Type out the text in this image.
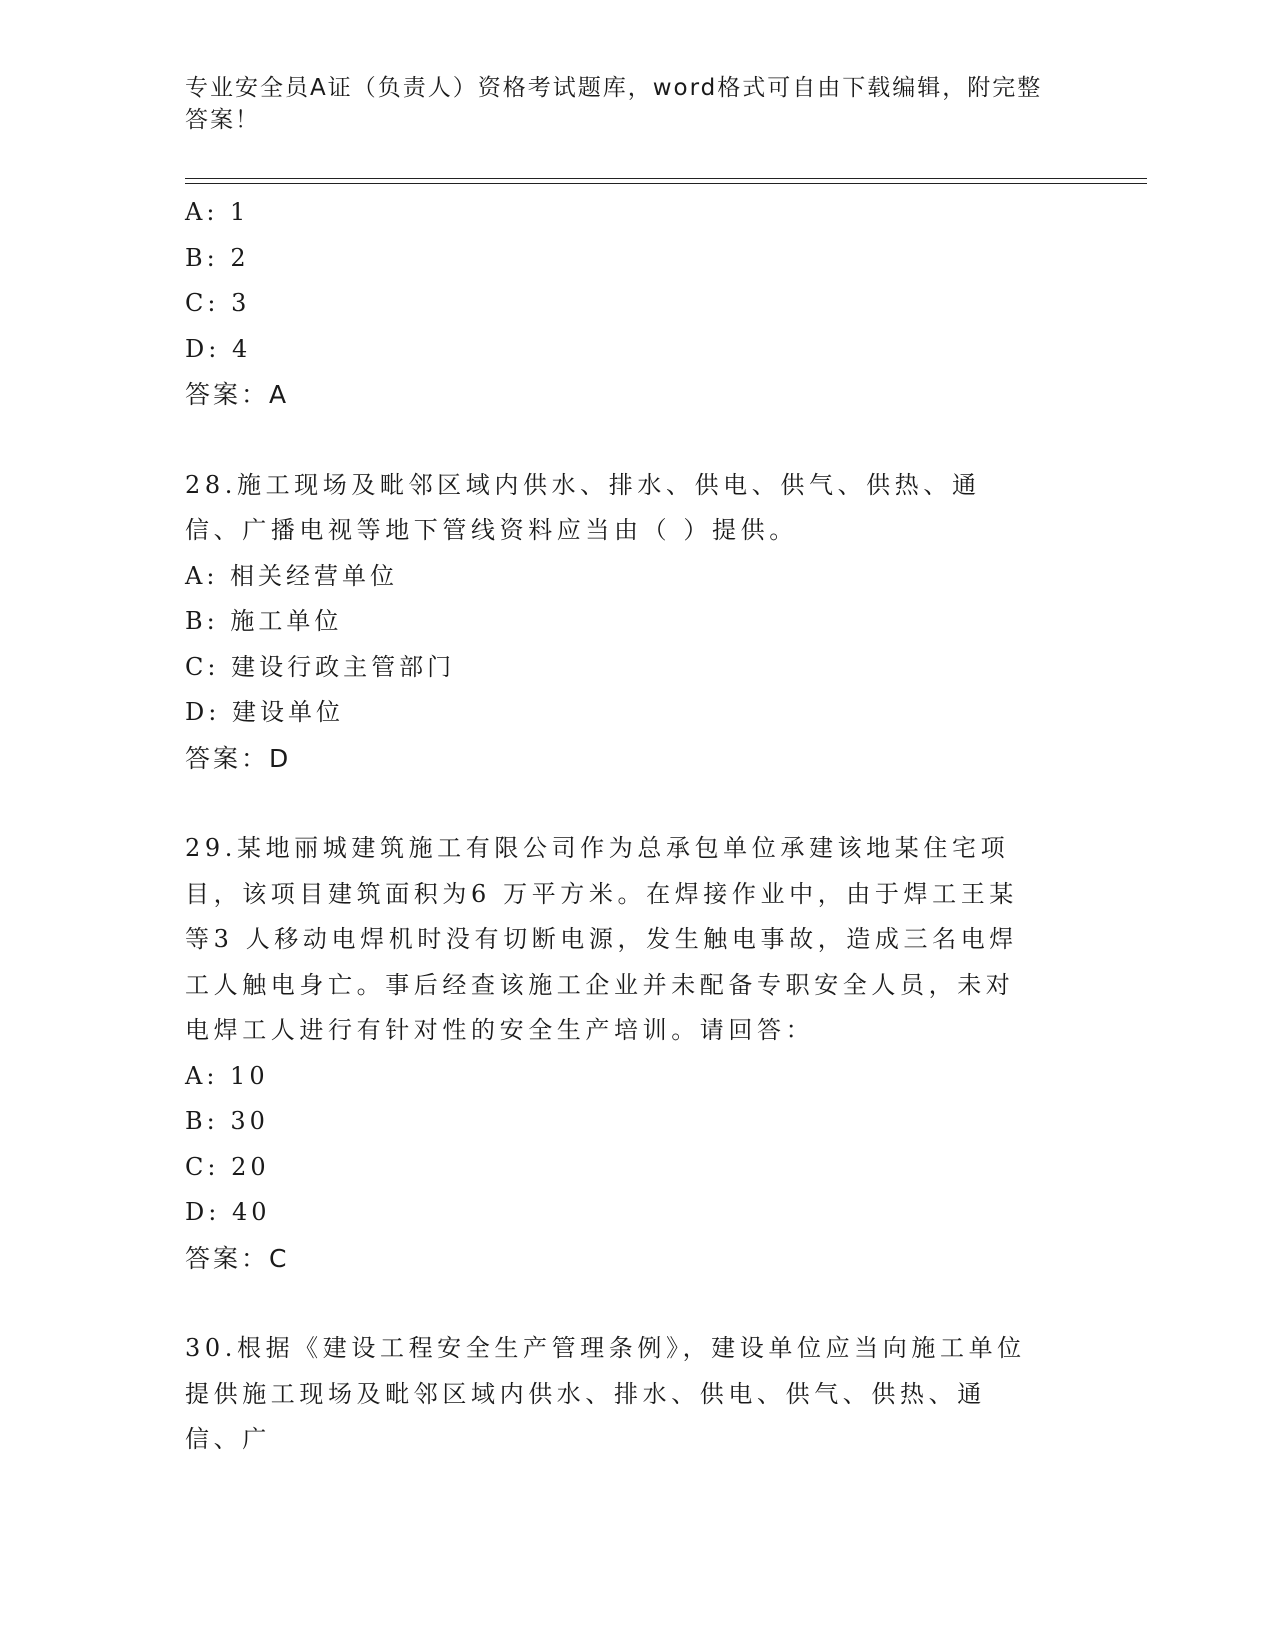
专业安全员A证（负责人）资格考试题库，word格式可自由下载编辑，附完整答案！
A: 1
B: 2
C: 3
D: 4
答案：A
28.施工现场及毗邻区域内供水、排水、供电、供气、供热、通信、广播电视等地下管线资料应当由（ ）提供。
A: 相关经营单位
B: 施工单位
C: 建设行政主管部门
D: 建设单位
答案：D
29.某地丽城建筑施工有限公司作为总承包单位承建该地某住宅项目，该项目建筑面积为6 万平方米。在焊接作业中，由于焊工王某等3 人移动电焊机时没有切断电源，发生触电事故，造成三名电焊工人触电身亡。事后经查该施工企业并未配备专职安全人员，未对电焊工人进行有针对性的安全生产培训。请回答：
A: 10
B: 30
C: 20
D: 40
答案：C
30.根据《建设工程安全生产管理条例》，建设单位应当向施工单位提供施工现场及毗邻区域内供水、排水、供电、供气、供热、通信、广
